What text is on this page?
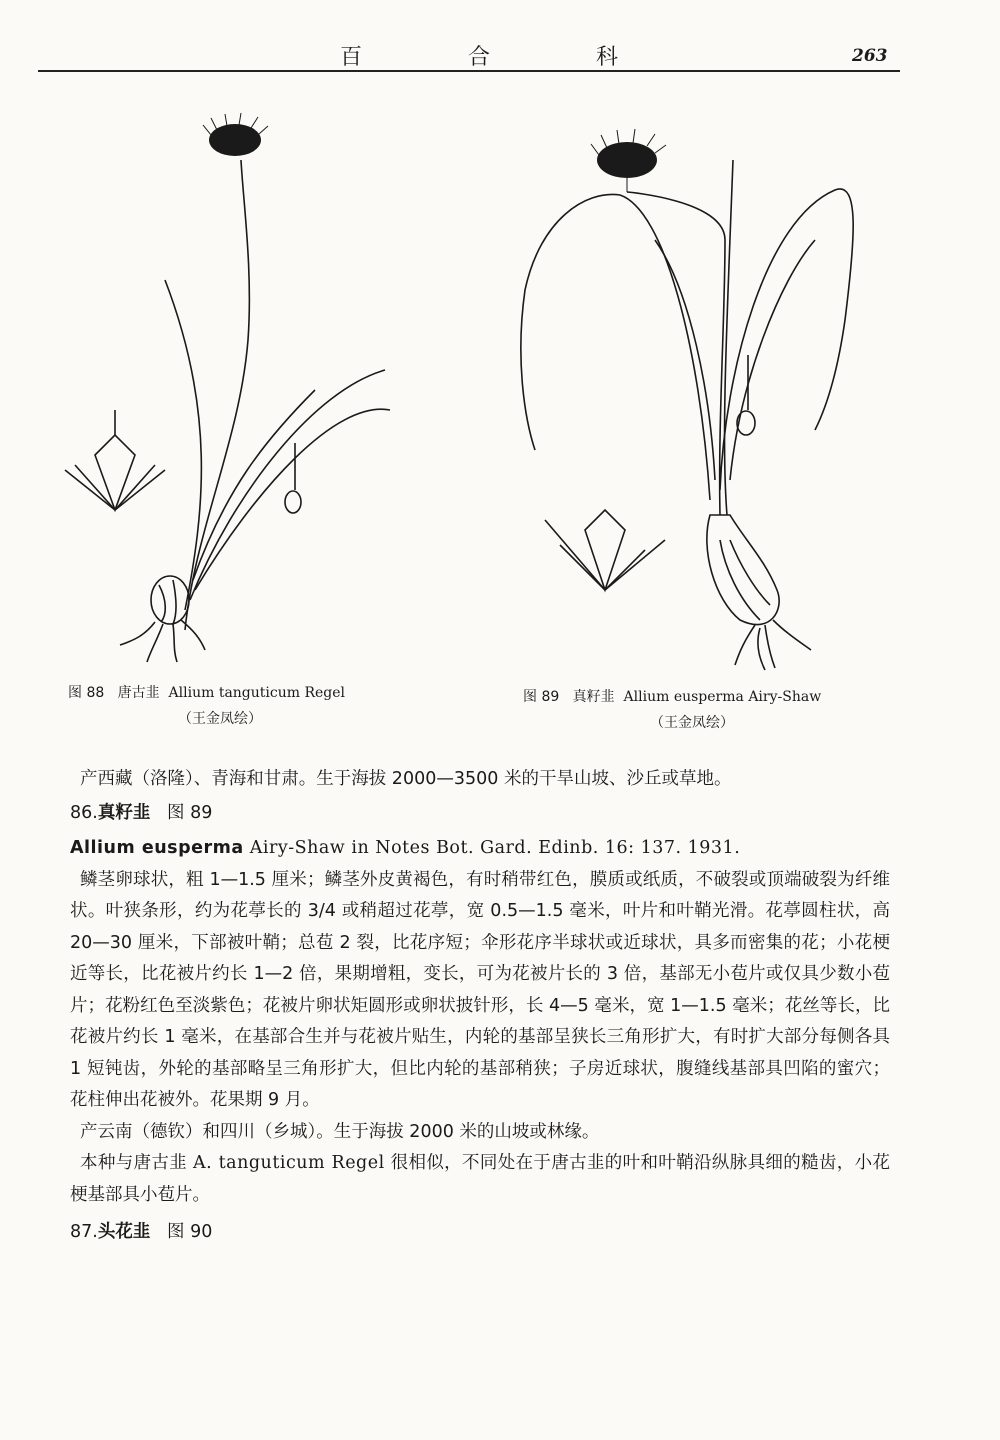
百	合	科	263
图 88 唐古韭 Allium tanguticum Regel
（王金凤绘）
图 89 真籽韭 Allium eusperma Airy-Shaw
（王金凤绘）

产西藏（洛隆）、青海和甘肃。生于海拔 2000—3500 米的干旱山坡、沙丘或草地。

86.真籽韭 图 89

Allium eusperma Airy-Shaw in Notes Bot. Gard. Edinb. 16: 137. 1931.

鳞茎卵球状，粗 1—1.5 厘米；鳞茎外皮黄褐色，有时稍带红色，膜质或纸质，不破裂或顶端破裂为纤维状。叶狭条形，约为花葶长的 3/4 或稍超过花葶，宽 0.5—1.5 毫米，叶片和叶鞘光滑。花葶圆柱状，高 20—30 厘米，下部被叶鞘；总苞 2 裂，比花序短；伞形花序半球状或近球状，具多而密集的花；小花梗近等长，比花被片约长 1—2 倍，果期增粗，变长，可为花被片长的 3 倍，基部无小苞片或仅具少数小苞片；花粉红色至淡紫色；花被片卵状矩圆形或卵状披针形，长 4—5 毫米，宽 1—1.5 毫米；花丝等长，比花被片约长 1 毫米，在基部合生并与花被片贴生，内轮的基部呈狭长三角形扩大，有时扩大部分每侧各具 1 短钝齿，外轮的基部略呈三角形扩大，但比内轮的基部稍狭；子房近球状，腹缝线基部具凹陷的蜜穴；花柱伸出花被外。花果期 9 月。

产云南（德钦）和四川（乡城）。生于海拔 2000 米的山坡或林缘。

本种与唐古韭 A. tanguticum Regel 很相似，不同处在于唐古韭的叶和叶鞘沿纵脉具细的糙齿，小花梗基部具小苞片。

87.头花韭 图 90
